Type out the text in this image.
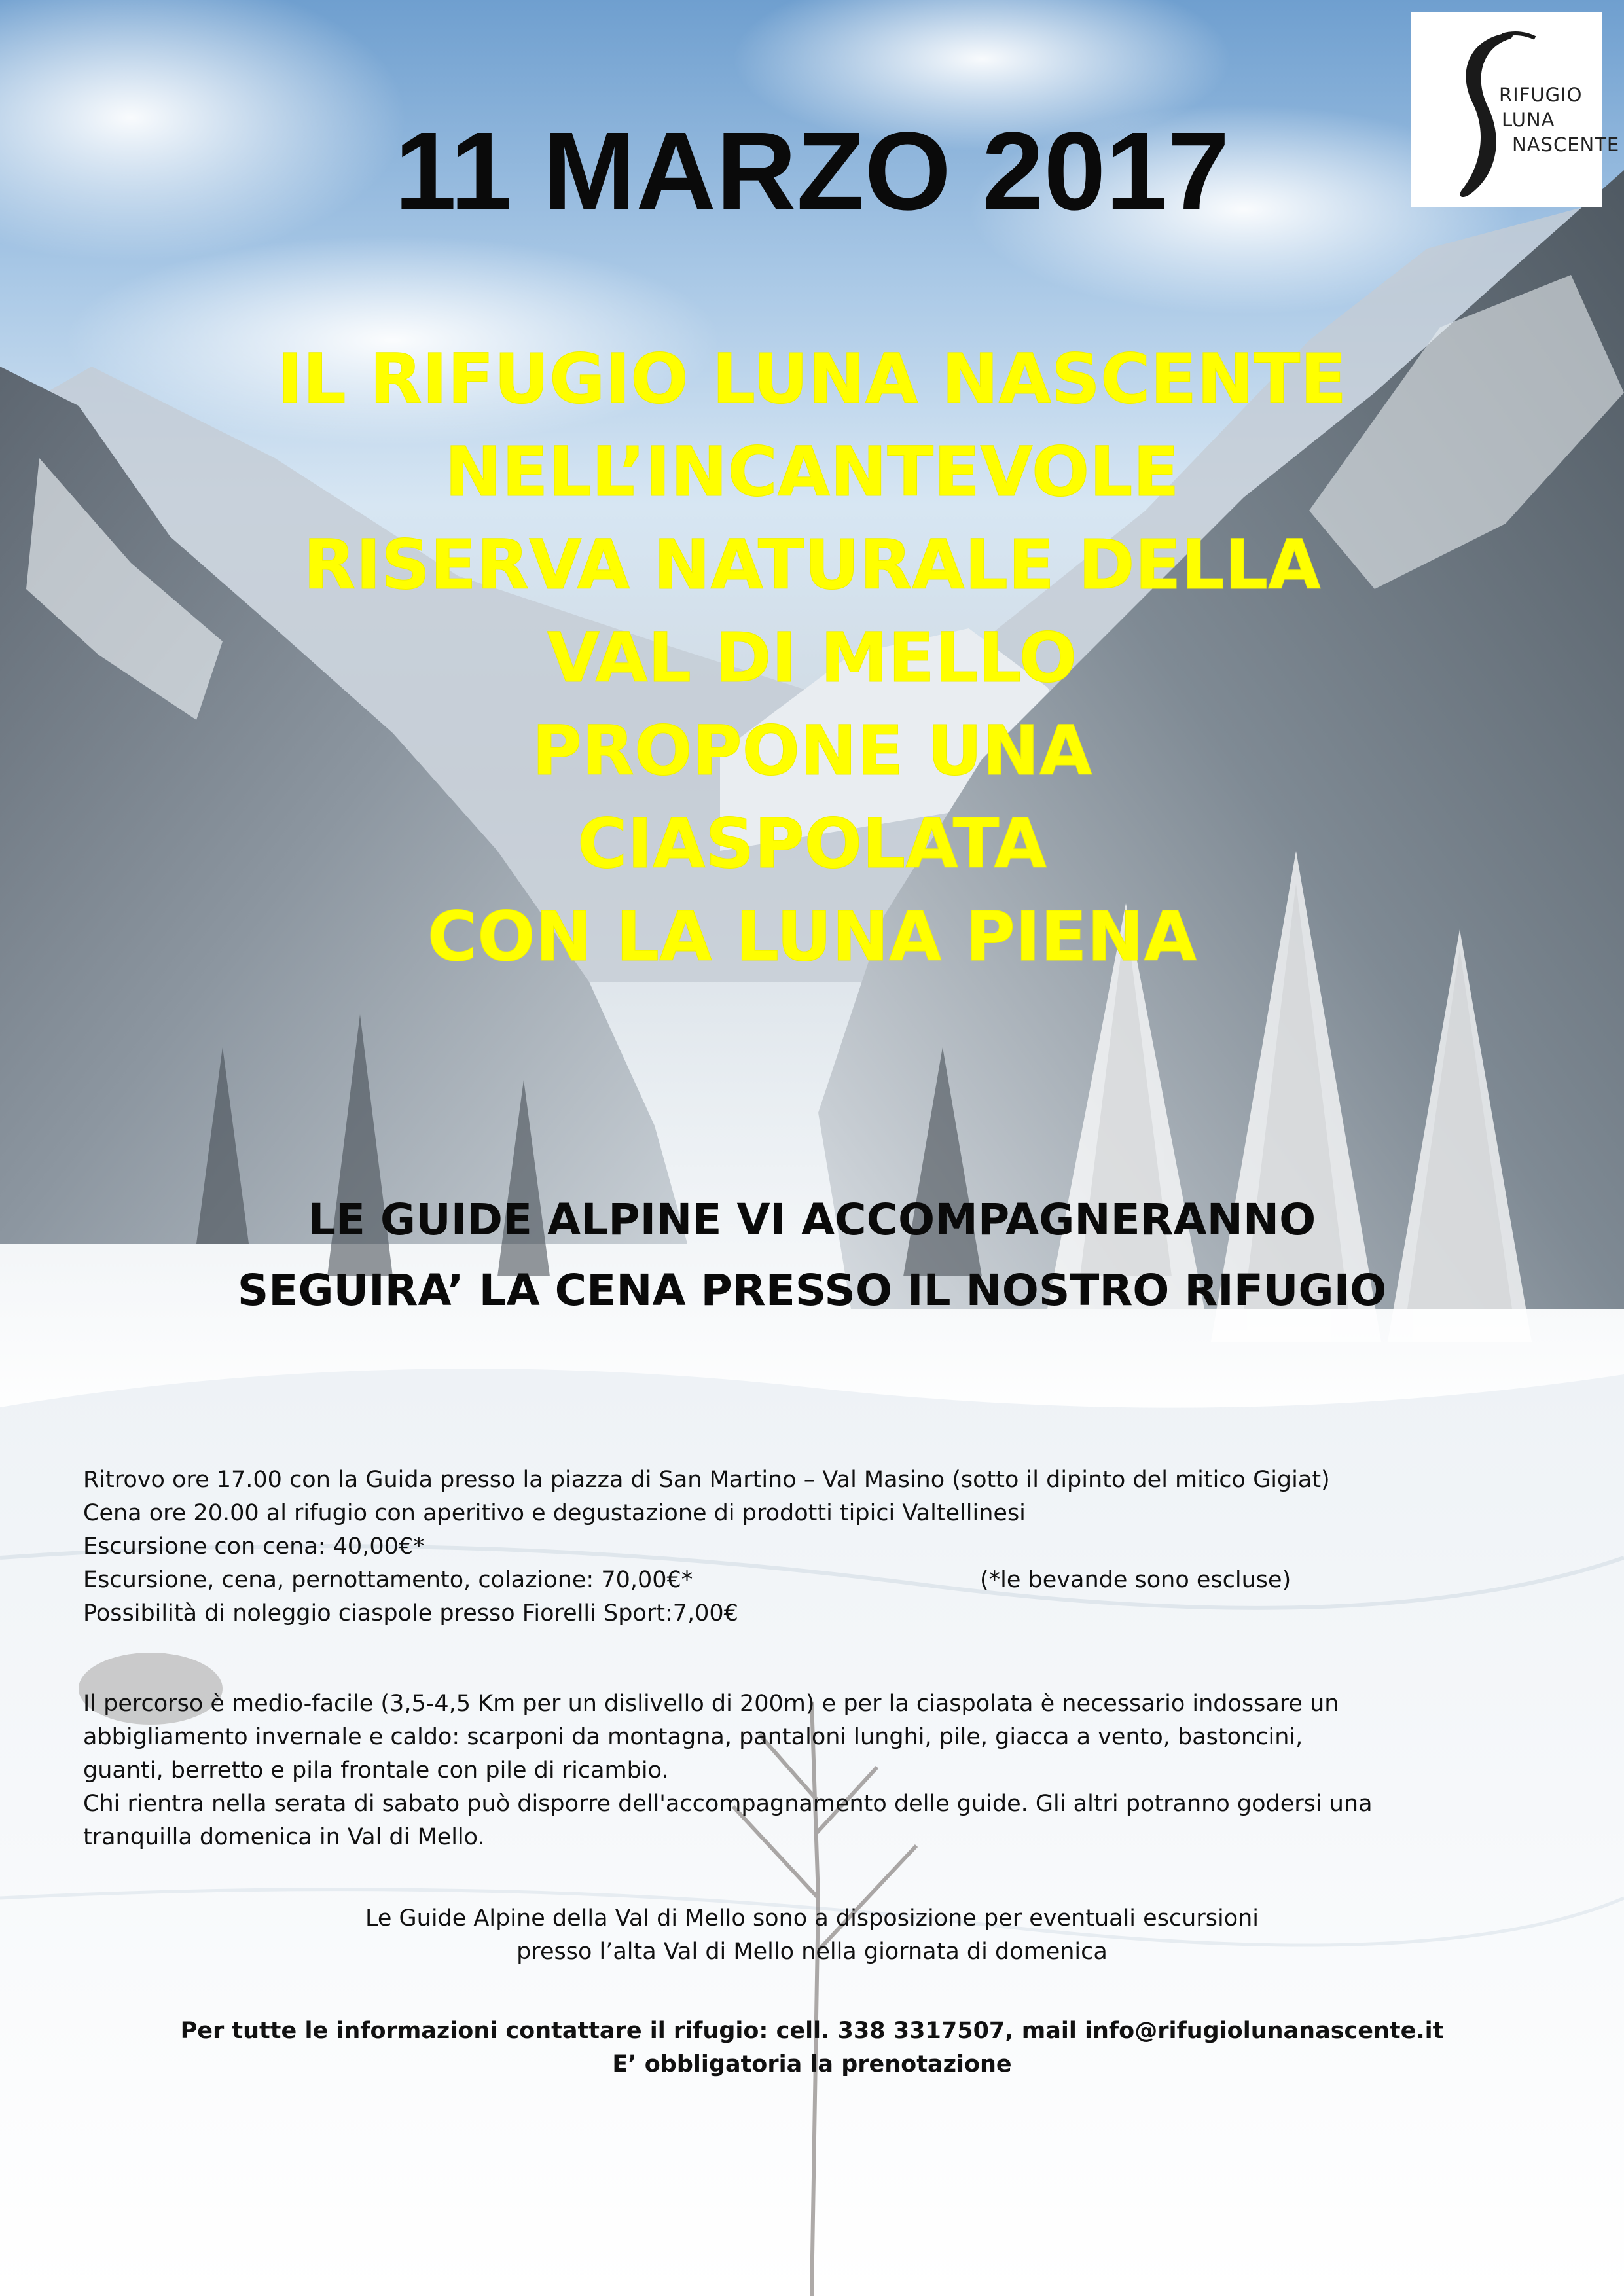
RIFUGIO
LUNA
NASCENTE
11 MARZO 2017
IL RIFUGIO LUNA NASCENTE
NELL’INCANTEVOLE
RISERVA NATURALE DELLA
VAL DI MELLO
PROPONE UNA
CIASPOLATA
CON LA LUNA PIENA
LE GUIDE ALPINE VI ACCOMPAGNERANNO
SEGUIRA’ LA CENA PRESSO IL NOSTRO RIFUGIO
Ritrovo ore 17.00 con la Guida presso la piazza di San Martino – Val Masino (sotto il dipinto del mitico Gigiat)
Cena ore 20.00 al rifugio con aperitivo e degustazione di prodotti tipici Valtellinesi
Escursione con cena: 40,00€*
Escursione, cena, pernottamento, colazione: 70,00€*	(*le bevande sono escluse)
Possibilità di noleggio ciaspole presso Fiorelli Sport:7,00€
Il percorso è medio-facile (3,5-4,5 Km per un dislivello di 200m) e per la ciaspolata è necessario indossare un
abbigliamento invernale e caldo: scarponi da montagna, pantaloni lunghi, pile, giacca a vento, bastoncini,
guanti, berretto e pila frontale con pile di ricambio.
Chi rientra nella serata di sabato può disporre dell'accompagnamento delle guide. Gli altri potranno godersi una
tranquilla domenica in Val di Mello.
Le Guide Alpine della Val di Mello sono a disposizione per eventuali escursioni
presso l’alta Val di Mello nella giornata di domenica
Per tutte le informazioni contattare il rifugio: cell. 338 3317507, mail info@rifugiolunanascente.it
E’ obbligatoria la prenotazione
